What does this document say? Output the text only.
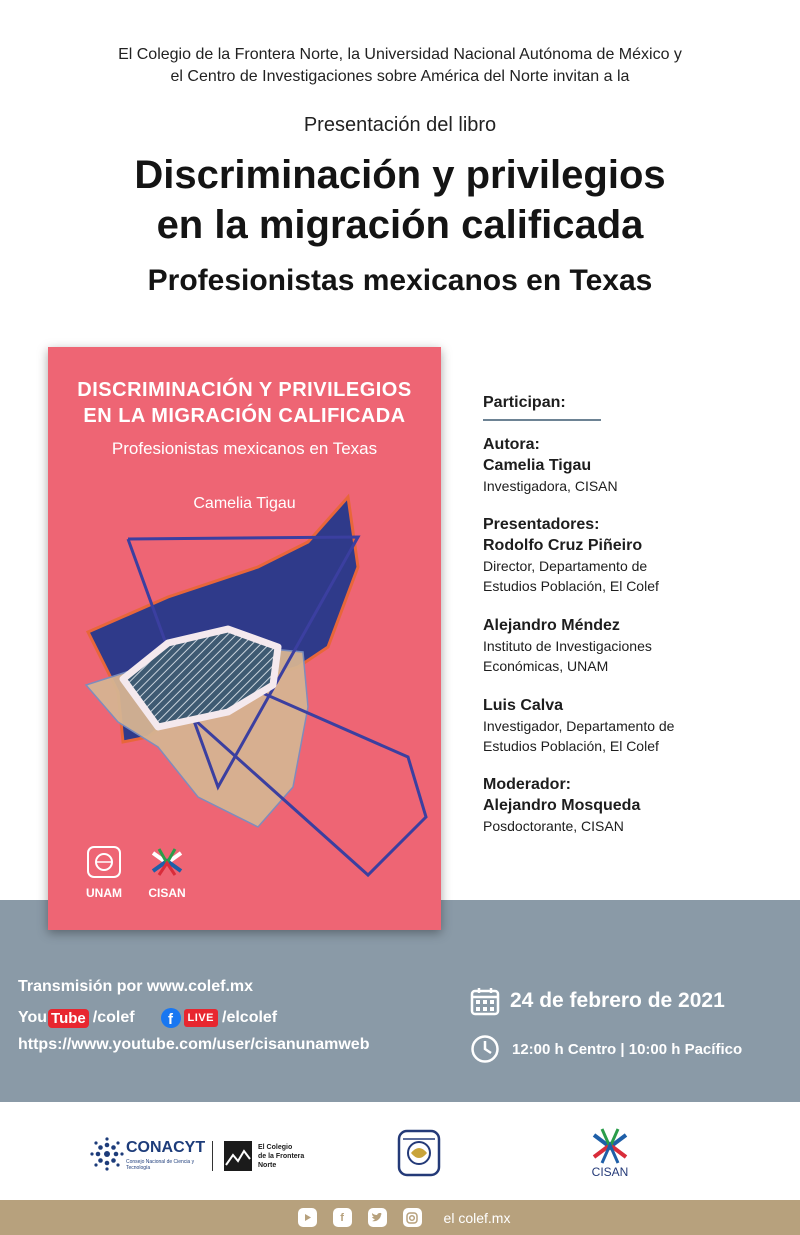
El Colegio de la Frontera Norte, la Universidad Nacional Autónoma de México y
el Centro de Investigaciones sobre América del Norte invitan a la
Presentación del libro
Discriminación y privilegios
en la migración calificada
Profesionistas mexicanos en Texas
DISCRIMINACIÓN Y PRIVILEGIOS
EN LA MIGRACIÓN CALIFICADA
Profesionistas mexicanos en Texas
Camelia Tigau
UNAM	CISAN
Participan:
Autora:
Camelia Tigau
Investigadora, CISAN
Presentadores:
Rodolfo Cruz Piñeiro
Director, Departamento de
Estudios Población, El Colef
Alejandro Méndez
Instituto de Investigaciones
Económicas, UNAM
Luis Calva
Investigador, Departamento de
Estudios Población, El Colef
Moderador:
Alejandro Mosqueda
Posdoctorante, CISAN
Transmisión por www.colef.mx
You Tube /colef	f	LIVE /elcolef
https://www.youtube.com/user/cisanunamweb
24 de febrero de 2021
12:00 h Centro | 10:00 h Pacífico
CONACYT
Consejo Nacional de Ciencia y Tecnología
El Colegio
de la Frontera
Norte	CISAN
f	el colef.mx
